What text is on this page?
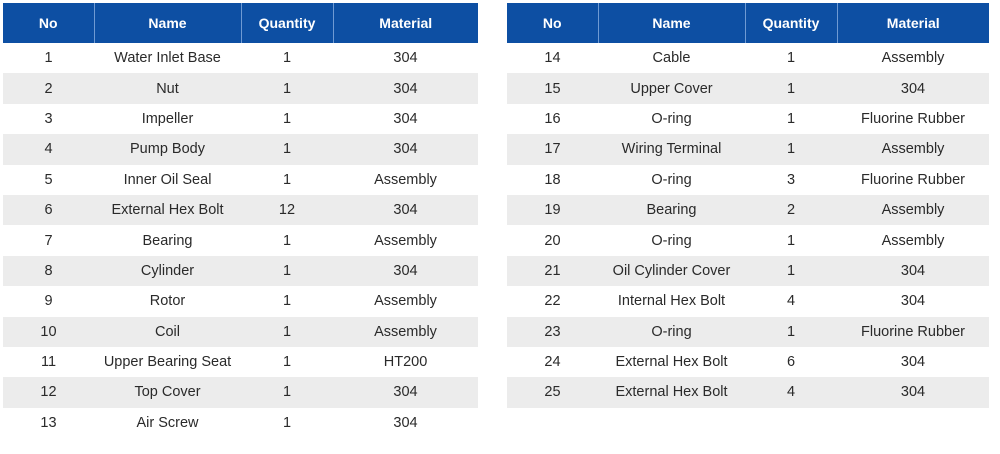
No	Name	Quantity	Material
1	Water Inlet Base	1	304
2	Nut	1	304
3	Impeller	1	304
4	Pump Body	1	304
5	Inner Oil Seal	1	Assembly
6	External Hex Bolt	12	304
7	Bearing	1	Assembly
8	Cylinder	1	304
9	Rotor	1	Assembly
10	Coil	1	Assembly
11	Upper Bearing Seat	1	HT200
12	Top Cover	1	304
13	Air Screw	1	304
No	Name	Quantity	Material
14	Cable	1	Assembly
15	Upper Cover	1	304
16	O-ring	1	Fluorine Rubber
17	Wiring Terminal	1	Assembly
18	O-ring	3	Fluorine Rubber
19	Bearing	2	Assembly
20	O-ring	1	Assembly
21	Oil Cylinder Cover	1	304
22	Internal Hex Bolt	4	304
23	O-ring	1	Fluorine Rubber
24	External Hex Bolt	6	304
25	External Hex Bolt	4	304
